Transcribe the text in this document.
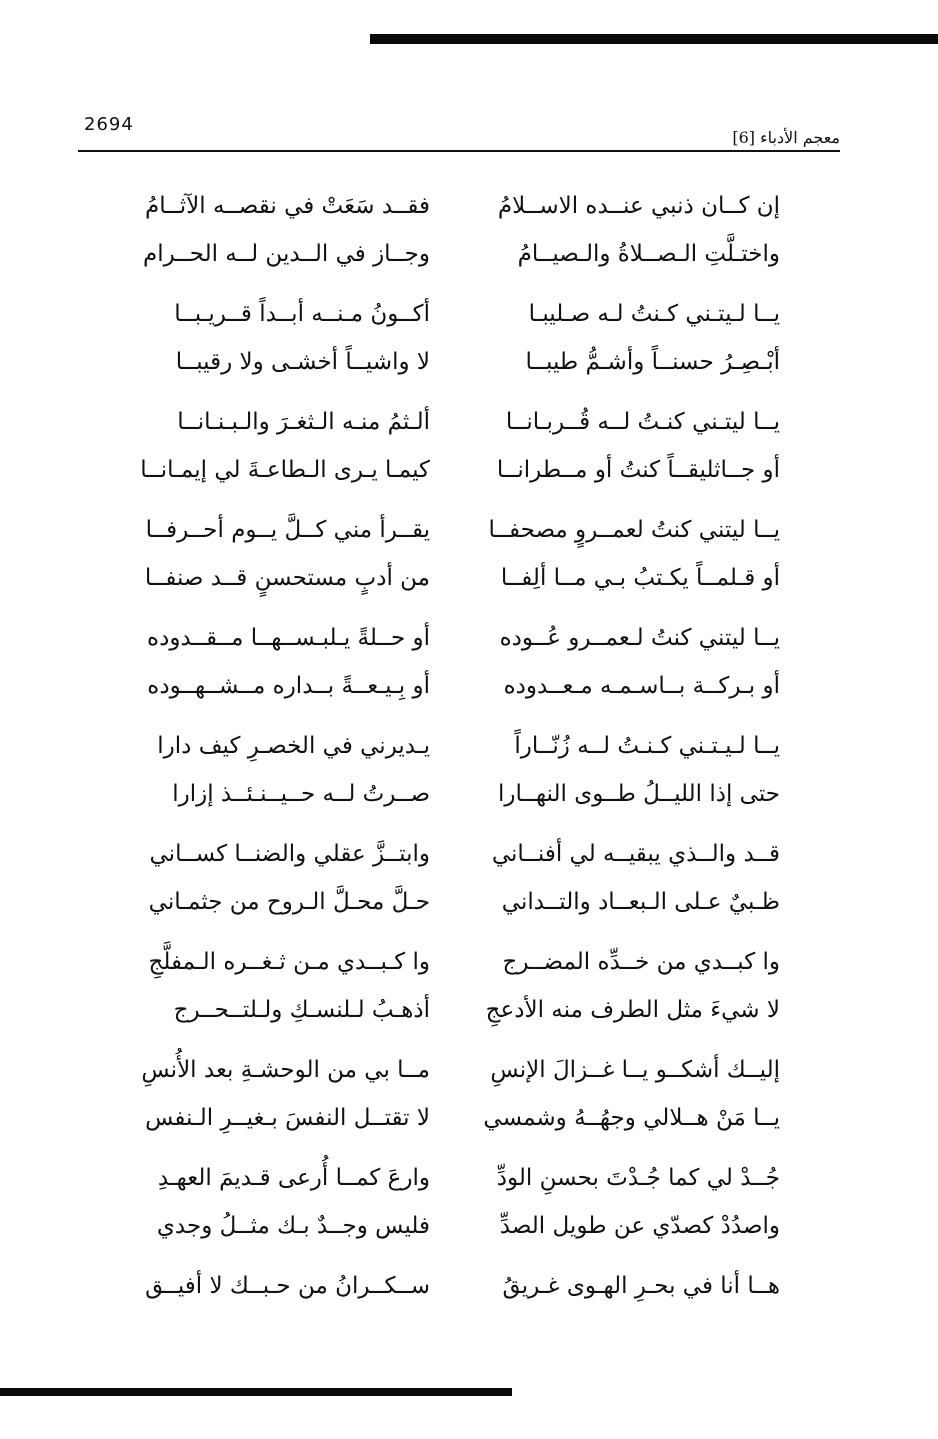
2694
معجم الأدباء [6]
إن كــان ذنبي عنــده الاســلامُ
فقــد سَعَتْ في نقصــه الآثــامُ
واختـلَّتِ الـصــلاةُ والـصيــامُ
وجــاز في الــدين لــه الحــرام
يــا لـيتـني كـنتُ لـه صـليبـا
أكــونُ مـنــه أبــداً قــريـبــا
أبْـصِـرُ حسنــاً وأشـمُّ طيبــا
لا واشيــاً أخشـى ولا رقيبــا
يــا ليتـني كنـتُ لــه قُــربـانــا
ألـثمُ منـه الـثغـرَ والـبـنـانــا
أو جــاثليقــاً كنتُ أو مــطرانــا
كيمـا يـرى الـطاعـةَ لي إيمـانــا
يــا ليتني كنتُ لعمــروٍ مصحفــا
يقــرأ مني كــلَّ يــوم أحــرفــا
أو قـلمــاً يكـتبُ بـي مــا ألِفــا
من أدبٍ مستحسنٍ قــد صنفــا
يــا ليتني كنتُ لـعمــرو عُــوده
أو حــلةً يـلبـســهــا مــقــدوده
أو بـركــة بــاسـمـه مـعــدوده
أو بِـيـعــةً بــداره مــشــهــوده
يــا لـيـتـني كـنـتُ لــه زُنّــاراً
يـديرني في الخصـرِ كيف دارا
حتى إذا الليــلُ طــوى النهــارا
صــرتُ لــه حــيــنـئــذ إزارا
قــد والــذي يبقيــه لي أفنــاني
وابتــزَّ عقلي والضنــا كســاني
ظـبيٌ عـلى الـبعــاد والتــداني
حـلَّ محـلَّ الـروح من جثمـاني
وا كبــدي من خــدِّه المضــرج
وا كـبــدي مـن ثـغــره الـمفلَّجِ
لا شيءَ مثل الطرف منه الأدعجِ
أذهـبُ لـلنسـكِ ولـلتــحــرج
إليــك أشكــو يــا غــزالَ الإنسِ
مــا بي من الوحشـةِ بعد الأُنسِ
يــا مَنْ هــلالي وجهُــهُ وشمسي
لا تقتــل النفسَ بـغيــرِ الـنفس
جُــدْ لي كما جُـدْتَ بحسنِ الودِّ
وارعَ كمــا أُرعى قـديمَ العهـدِ
واصدُدْ كصدّي عن طويل الصدِّ
فليس وجــدٌ بـك مثــلُ وجدي
هــا أنا في بحـرِ الهـوى غـريقُ
ســكــرانُ من حـبــك لا أفيــق
